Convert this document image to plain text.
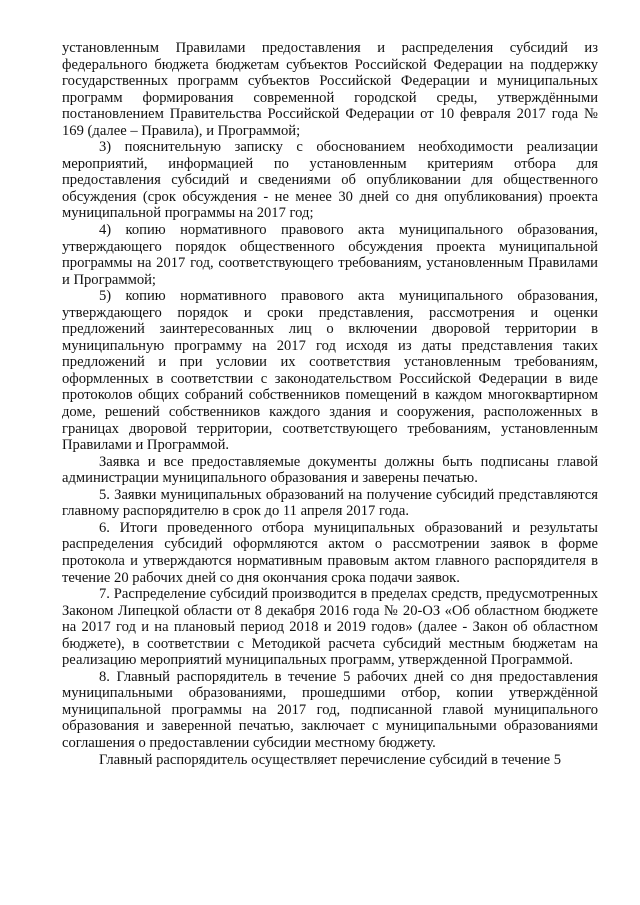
установленным Правилами предоставления и распределения субсидий из федерального бюджета бюджетам субъектов Российской Федерации на поддержку государственных программ субъектов Российской Федерации и муниципальных программ формирования современной городской среды, утверждёнными постановлением Правительства Российской Федерации от 10 февраля 2017 года № 169 (далее – Правила), и Программой;

3) пояснительную записку с обоснованием необходимости реализации мероприятий, информацией по установленным критериям отбора для предоставления субсидий и сведениями об опубликовании для общественного обсуждения (срок обсуждения - не менее 30 дней со дня опубликования) проекта муниципальной программы на 2017 год;

4) копию нормативного правового акта муниципального образования, утверждающего порядок общественного обсуждения проекта муниципальной программы на 2017 год, соответствующего требованиям, установленным Правилами и Программой;

5) копию нормативного правового акта муниципального образования, утверждающего порядок и сроки представления, рассмотрения и оценки предложений заинтересованных лиц о включении дворовой территории в муниципальную программу на 2017 год исходя из даты представления таких предложений и при условии их соответствия установленным требованиям, оформленных в соответствии с законодательством Российской Федерации в виде протоколов общих собраний собственников помещений в каждом многоквартирном доме, решений собственников каждого здания и сооружения, расположенных в границах дворовой территории, соответствующего требованиям, установленным Правилами и Программой.

Заявка и все предоставляемые документы должны быть подписаны главой администрации муниципального образования и заверены печатью.

5. Заявки муниципальных образований на получение субсидий представляются главному распорядителю в срок до 11 апреля 2017 года.

6. Итоги проведенного отбора муниципальных образований и результаты распределения субсидий оформляются актом о рассмотрении заявок в форме протокола и утверждаются нормативным правовым актом главного распорядителя в течение 20 рабочих дней со дня окончания срока подачи заявок.

7. Распределение субсидий производится в пределах средств, предусмотренных Законом Липецкой области от 8 декабря 2016 года № 20-ОЗ «Об областном бюджете на 2017 год и на плановый период 2018 и 2019 годов» (далее - Закон об областном бюджете), в соответствии с Методикой расчета субсидий местным бюджетам на реализацию мероприятий муниципальных программ, утвержденной Программой.

8. Главный распорядитель в течение 5 рабочих дней со дня предоставления муниципальными образованиями, прошедшими отбор, копии утверждённой муниципальной программы на 2017 год, подписанной главой муниципального образования и заверенной печатью, заключает с муниципальными образованиями соглашения о предоставлении субсидии местному бюджету.

Главный распорядитель осуществляет перечисление субсидий в течение 5
